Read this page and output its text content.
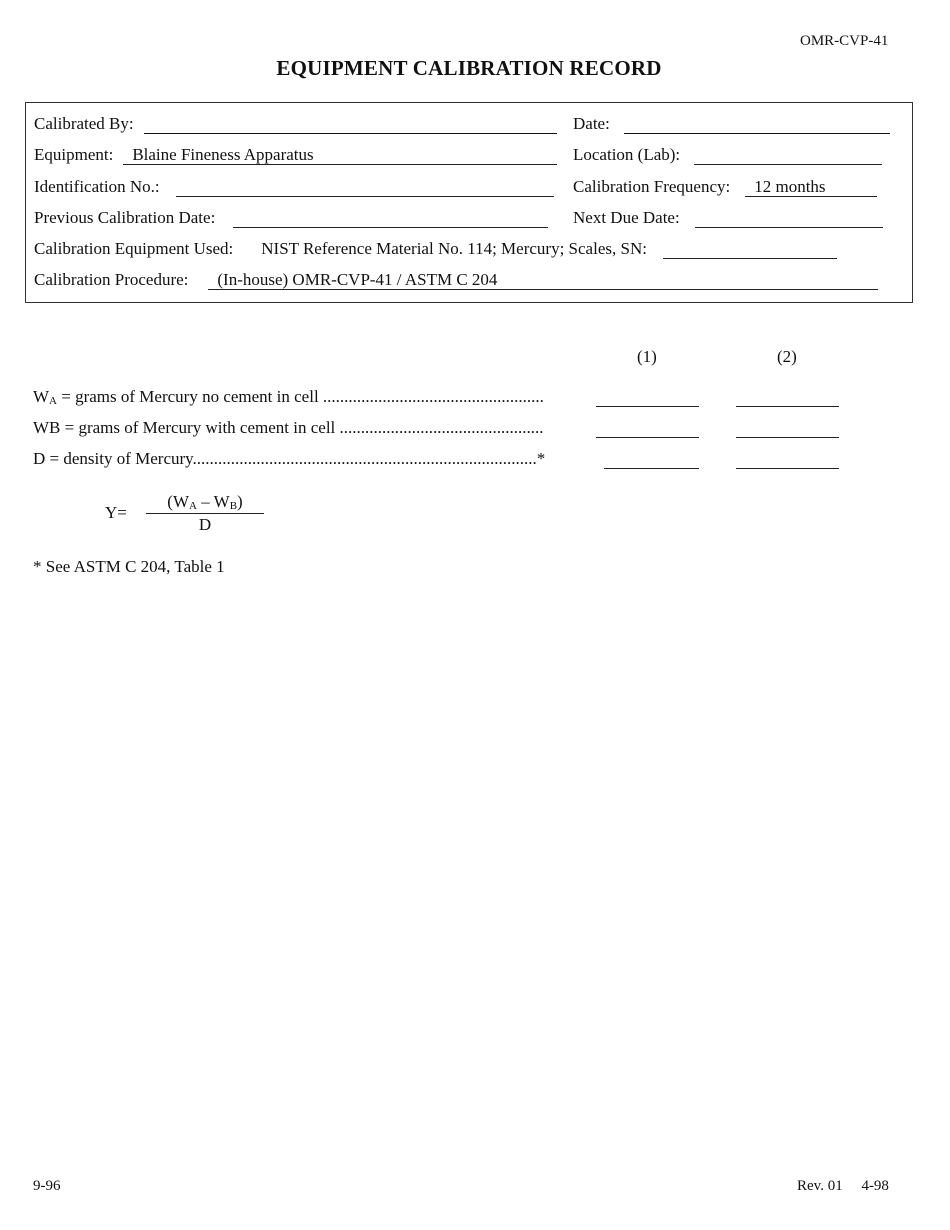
OMR-CVP-41
EQUIPMENT CALIBRATION RECORD
Calibrated By:	Date:
Equipment:	Blaine Fineness Apparatus	Location (Lab):
Identification No.:	Calibration Frequency:	12 months
Previous Calibration Date:	Next Due Date:
Calibration Equipment Used: NIST Reference Material No. 114; Mercury; Scales, SN:
Calibration Procedure:	(In-house) OMR-CVP-41 / ASTM C 204
(1)	(2)
$W_A$ = grams of Mercury no cement in cell ....................................................
WB = grams of Mercury with cement in cell ................................................
D = density of Mercury.................................................................................*
Y=
$(W_A - W_B)$
D
* See ASTM C 204, Table 1
9-96	Rev. 01     4-98
